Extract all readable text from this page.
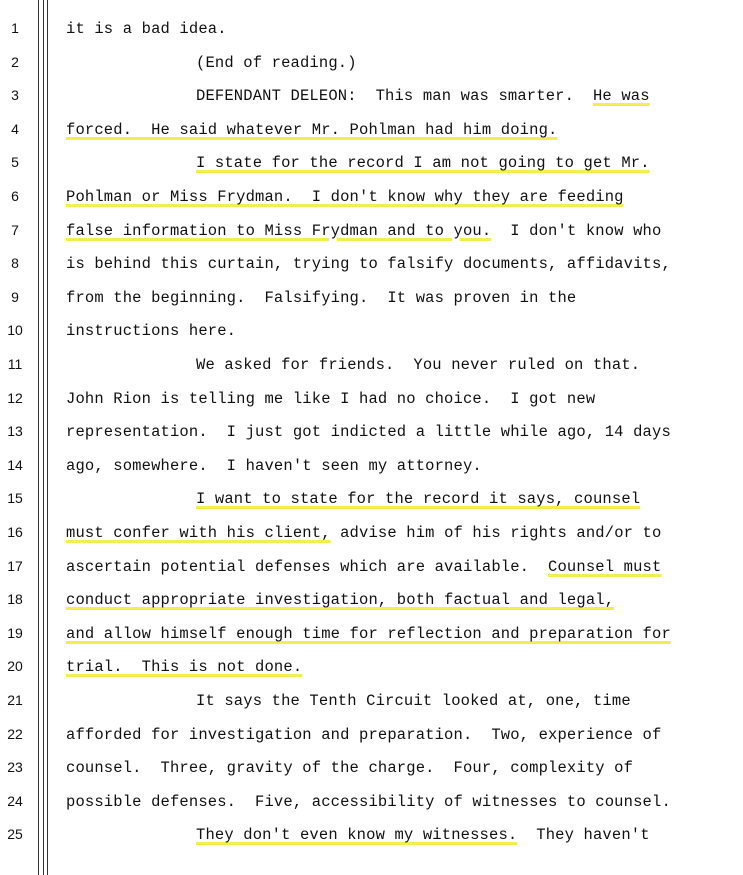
1	it is a bad idea.
2	(End of reading.)
3	DEFENDANT DELEON:  This man was smarter.  He was
4	forced.  He said whatever Mr. Pohlman had him doing.
5	I state for the record I am not going to get Mr.
6	Pohlman or Miss Frydman.  I don't know why they are feeding
7	false information to Miss Frydman and to you.  I don't know who
8	is behind this curtain, trying to falsify documents, affidavits,
9	from the beginning.  Falsifying.  It was proven in the
10	instructions here.
11	We asked for friends.  You never ruled on that.
12	John Rion is telling me like I had no choice.  I got new
13	representation.  I just got indicted a little while ago, 14 days
14	ago, somewhere.  I haven't seen my attorney.
15	I want to state for the record it says, counsel
16	must confer with his client, advise him of his rights and/or to
17	ascertain potential defenses which are available.  Counsel must
18	conduct appropriate investigation, both factual and legal,
19	and allow himself enough time for reflection and preparation for
20	trial.  This is not done.
21	It says the Tenth Circuit looked at, one, time
22	afforded for investigation and preparation.  Two, experience of
23	counsel.  Three, gravity of the charge.  Four, complexity of
24	possible defenses.  Five, accessibility of witnesses to counsel.
25	They don't even know my witnesses.  They haven't
